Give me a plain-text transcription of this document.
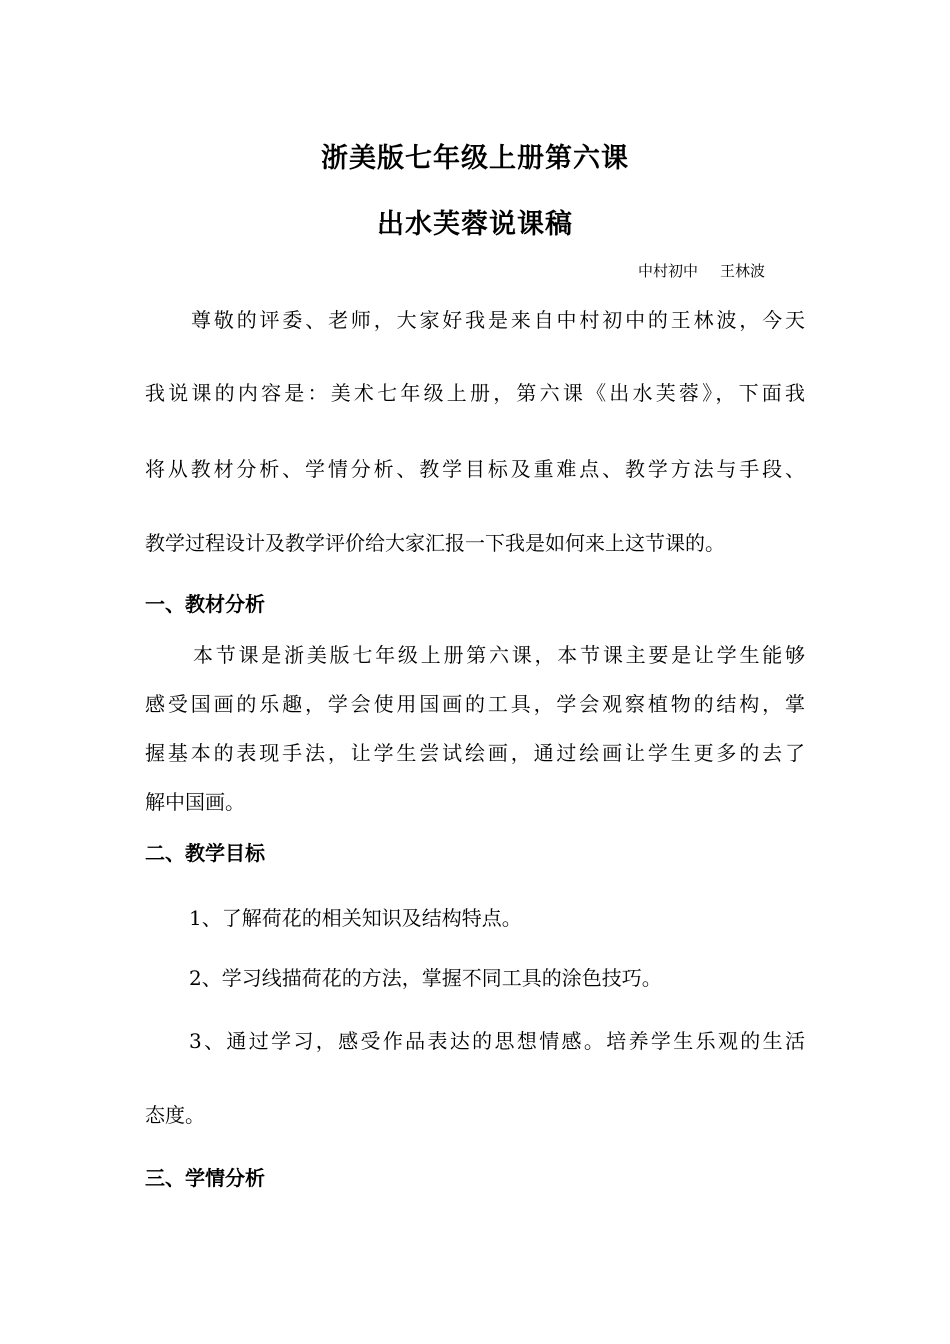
浙美版七年级上册第六课
出水芙蓉说课稿
中村初中 王林波
尊敬的评委、老师，大家好我是来自中村初中的王林波，今天
我说课的内容是：美术七年级上册，第六课《出水芙蓉》，下面我
将从教材分析、学情分析、教学目标及重难点、教学方法与手段、
教学过程设计及教学评价给大家汇报一下我是如何来上这节课的。
一、教材分析
本节课是浙美版七年级上册第六课，本节课主要是让学生能够
感受国画的乐趣，学会使用国画的工具，学会观察植物的结构，掌
握基本的表现手法，让学生尝试绘画，通过绘画让学生更多的去了
解中国画。
二、教学目标
1、了解荷花的相关知识及结构特点。
2、学习线描荷花的方法，掌握不同工具的涂色技巧。
3、通过学习，感受作品表达的思想情感。培养学生乐观的生活
态度。
三、学情分析
